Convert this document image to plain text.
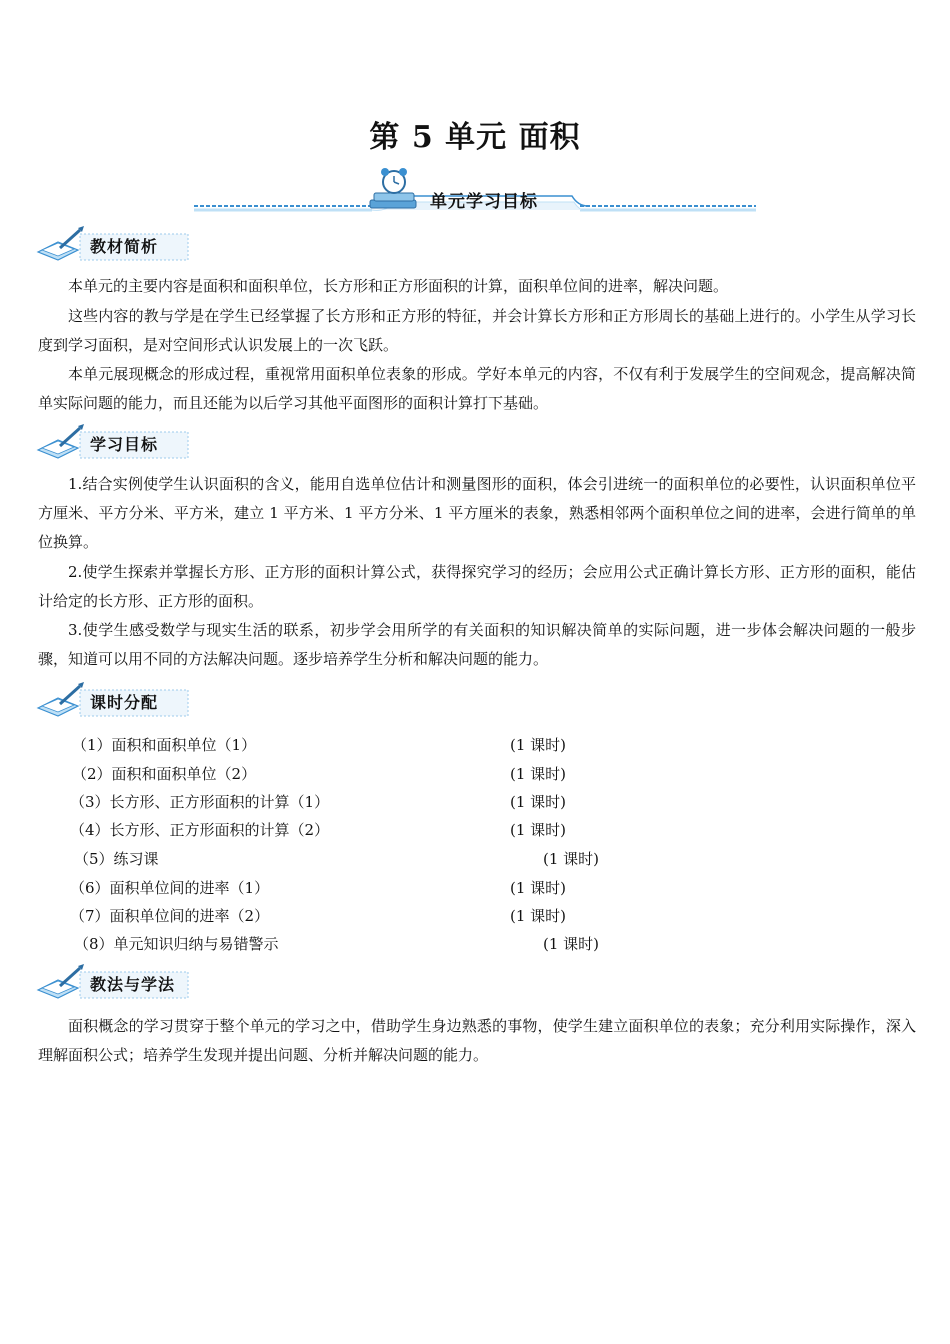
第 5 单元 面积
单元学习目标
教材简析
本单元的主要内容是面积和面积单位，长方形和正方形面积的计算，面积单位间的进率，解决问题。
这些内容的教与学是在学生已经掌握了长方形和正方形的特征，并会计算长方形和正方形周长的基础上进行的。小学生从学习长度到学习面积，是对空间形式认识发展上的一次飞跃。
本单元展现概念的形成过程，重视常用面积单位表象的形成。学好本单元的内容，不仅有利于发展学生的空间观念，提高解决简单实际问题的能力，而且还能为以后学习其他平面图形的面积计算打下基础。
学习目标
1.结合实例使学生认识面积的含义，能用自选单位估计和测量图形的面积，体会引进统一的面积单位的必要性，认识面积单位平方厘米、平方分米、平方米，建立 1 平方米、1 平方分米、1 平方厘米的表象，熟悉相邻两个面积单位之间的进率，会进行简单的单位换算。
2.使学生探索并掌握长方形、正方形的面积计算公式，获得探究学习的经历；会应用公式正确计算长方形、正方形的面积，能估计给定的长方形、正方形的面积。
3.使学生感受数学与现实生活的联系，初步学会用所学的有关面积的知识解决简单的实际问题，进一步体会解决问题的一般步骤，知道可以用不同的方法解决问题。逐步培养学生分析和解决问题的能力。
课时分配
（1）面积和面积单位（1）	(1 课时)
（2）面积和面积单位（2）	(1 课时)
（3）长方形、正方形面积的计算（1）	(1 课时)
（4）长方形、正方形面积的计算（2）	(1 课时)
（5）练习课	(1 课时)
（6）面积单位间的进率（1）	(1 课时)
（7）面积单位间的进率（2）	(1 课时)
（8）单元知识归纳与易错警示	(1 课时)
教法与学法
面积概念的学习贯穿于整个单元的学习之中，借助学生身边熟悉的事物，使学生建立面积单位的表象；充分利用实际操作，深入理解面积公式；培养学生发现并提出问题、分析并解决问题的能力。
